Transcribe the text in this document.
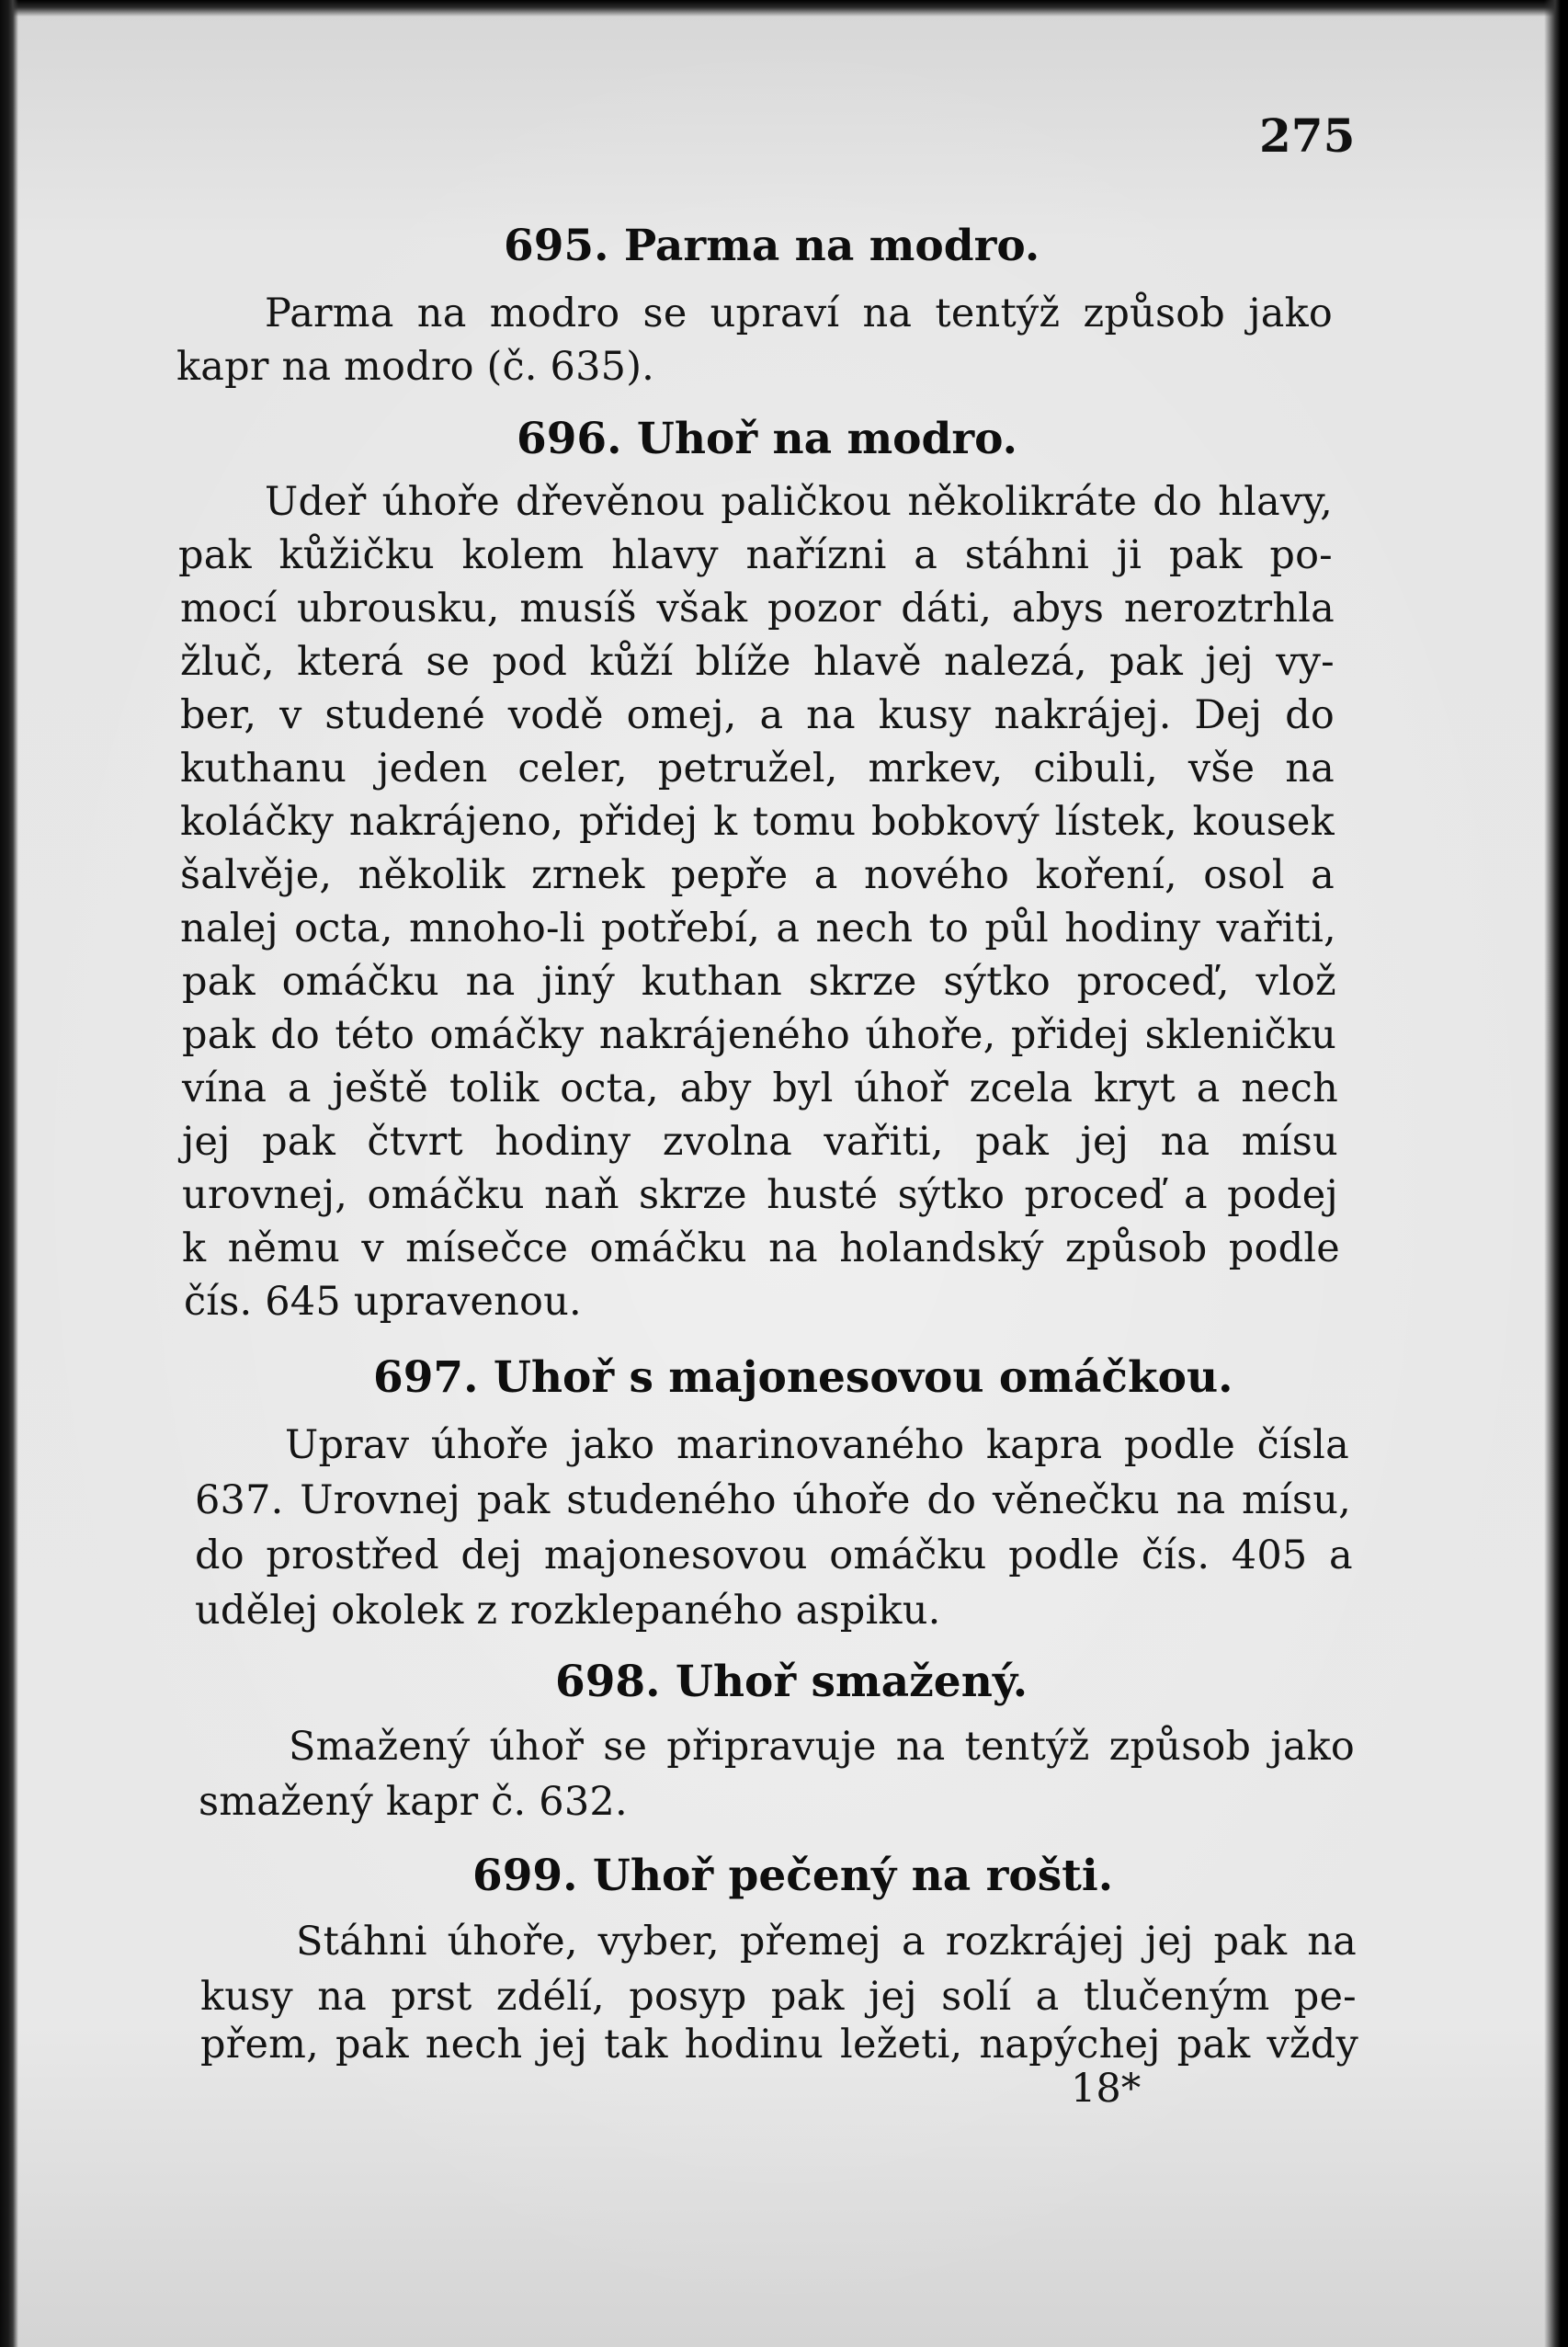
275
695. Parma na modro.
Parma na modro se upraví na tentýž způsob jako
kapr na modro (č. 635).
696. Uhoř na modro.
Udeř úhoře dřevěnou paličkou několikráte do hlavy,
pak kůžičku kolem hlavy nařízni a stáhni ji pak po-
mocí ubrousku, musíš však pozor dáti, abys neroztrhla
žluč, která se pod kůží blíže hlavě nalezá, pak jej vy-
ber, v studené vodě omej, a na kusy nakrájej. Dej do
kuthanu jeden celer, petružel, mrkev, cibuli, vše na
koláčky nakrájeno, přidej k tomu bobkový lístek, kousek
šalvěje, několik zrnek pepře a nového koření, osol a
nalej octa, mnoho-li potřebí, a nech to půl hodiny vařiti,
pak omáčku na jiný kuthan skrze sýtko proceď, vlož
pak do této omáčky nakrájeného úhoře, přidej skleničku
vína a ještě tolik octa, aby byl úhoř zcela kryt a nech
jej pak čtvrt hodiny zvolna vařiti, pak jej na mísu
urovnej, omáčku naň skrze husté sýtko proceď a podej
k němu v mísečce omáčku na holandský způsob podle
čís. 645 upravenou.
697. Uhoř s majonesovou omáčkou.
Uprav úhoře jako marinovaného kapra podle čísla
637. Urovnej pak studeného úhoře do věnečku na mísu,
do prostřed dej majonesovou omáčku podle čís. 405 a
udělej okolek z rozklepaného aspiku.
698. Uhoř smažený.
Smažený úhoř se připravuje na tentýž způsob jako
smažený kapr č. 632.
699. Uhoř pečený na rošti.
Stáhni úhoře, vyber, přemej a rozkrájej jej pak na
kusy na prst zdélí, posyp pak jej solí a tlučeným pe-
přem, pak nech jej tak hodinu ležeti, napýchej pak vždy
18*
